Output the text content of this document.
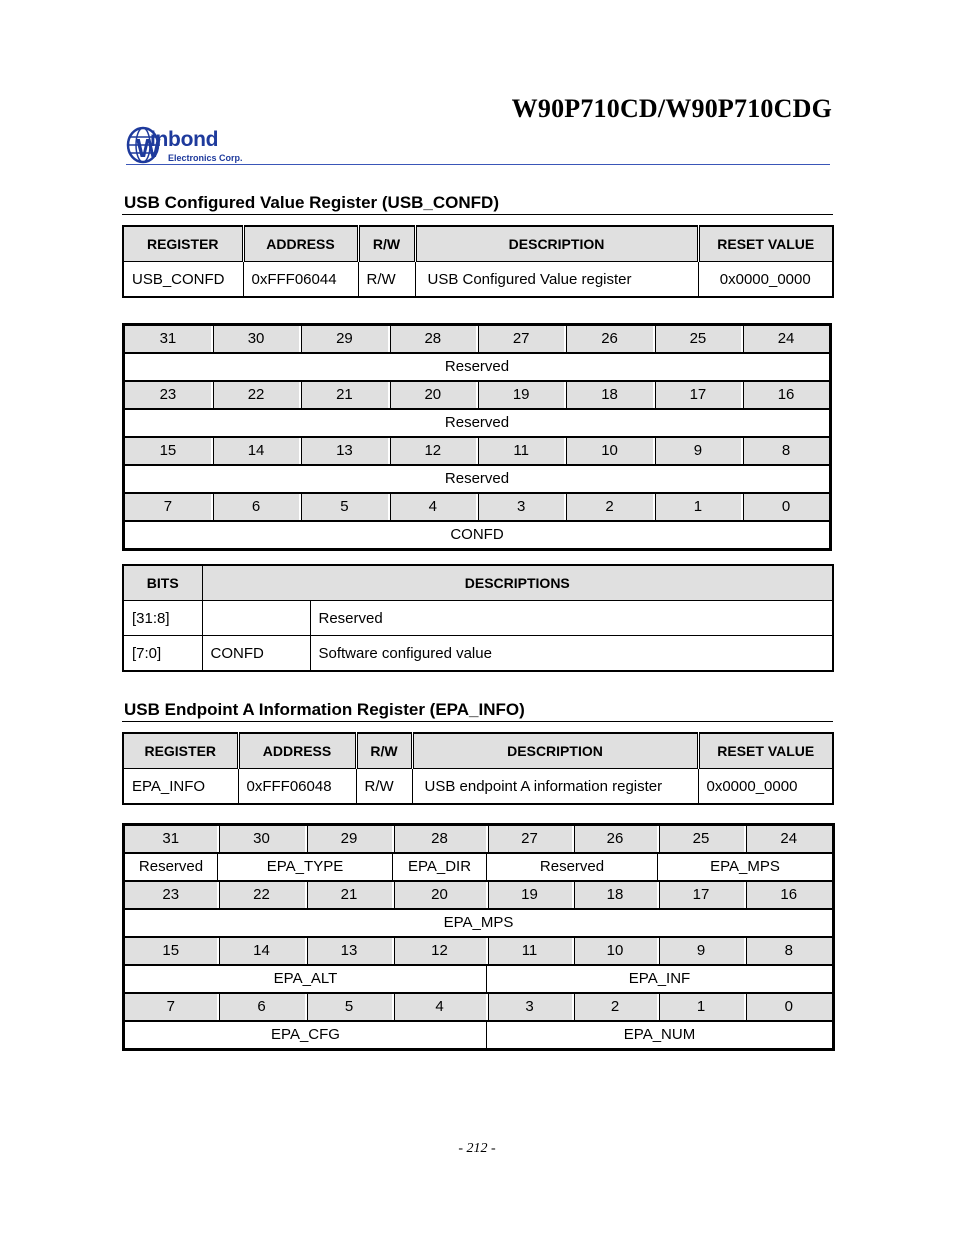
W90P710CD/W90P710CDG
W
inbond
Electronics Corp.
USB Configured Value Register (USB_CONFD)
REGISTER	ADDRESS	R/W	DESCRIPTION	RESET VALUE
USB_CONFD	0xFFF06044	R/W	USB Configured Value register	0x0000_0000
31	30	29	28	27	26	25	24
Reserved							
23	22	21	20	19	18	17	16
Reserved							
15	14	13	12	11	10	9	8
Reserved							
7	6	5	4	3	2	1	0
CONFD							
BITS	DESCRIPTIONS	
[31:8]		Reserved
[7:0]	CONFD	Software configured value
USB Endpoint A Information Register (EPA_INFO)
REGISTER	ADDRESS	R/W	DESCRIPTION	RESET VALUE
EPA_INFO	0xFFF06048	R/W	USB endpoint A information register	0x0000_0000
31	30	29	28	27	26	25	24
Reserved	EPA_TYPE		EPA_DIR	Reserved		EPA_MPS	
23	22	21	20	19	18	17	16
EPA_MPS							
15	14	13	12	11	10	9	8
EPA_ALT				EPA_INF			
7	6	5	4	3	2	1	0
EPA_CFG				EPA_NUM			
- 212 -
